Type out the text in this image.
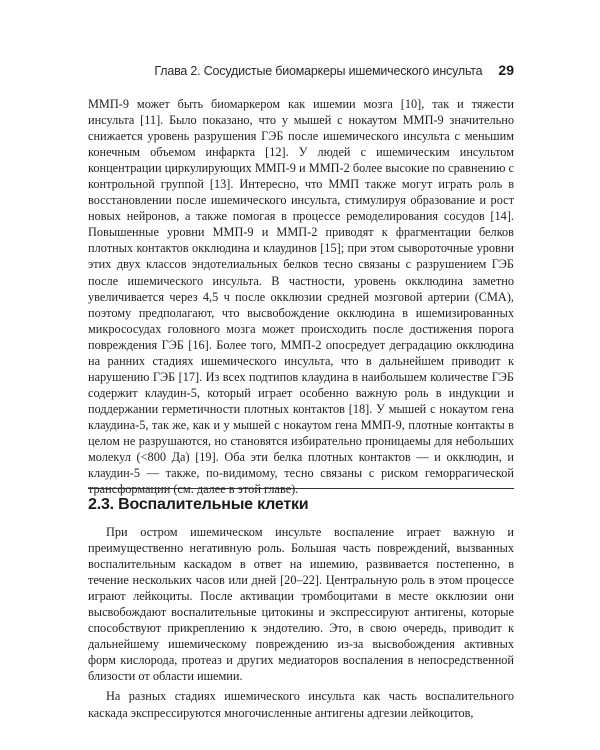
Глава 2. Сосудистые биомаркеры ишемического инсульта 29

ММП-9 может быть биомаркером как ишемии мозга [10], так и тяжести инсульта [11]. Было показано, что у мышей с нокаутом ММП-9 значительно снижается уровень разрушения ГЭБ после ишемического инсульта с меньшим конечным объемом инфаркта [12]. У людей с ишемическим инсультом концентрации циркулирующих ММП-9 и ММП-2 более высокие по сравнению с контрольной группой [13]. Интересно, что ММП также могут играть роль в восстановлении после ишемического инсульта, стимулируя образование и рост новых нейронов, а также помогая в процессе ремоделирования сосудов [14]. Повышенные уровни ММП-9 и ММП-2 приводят к фрагментации белков плотных контактов окклюдина и клаудинов [15]; при этом сывороточные уровни этих двух классов эндотелиальных белков тесно связаны с разрушением ГЭБ после ишемического инсульта. В частности, уровень окклюдина заметно увеличивается через 4,5 ч после окклюзии средней мозговой артерии (СМА), поэтому предполагают, что высвобождение окклюдина в ишемизированных микрососудах головного мозга может происходить после достижения порога повреждения ГЭБ [16]. Более того, ММП-2 опосредует деградацию окклюдина на ранних стадиях ишемического инсульта, что в дальнейшем приводит к нарушению ГЭБ [17]. Из всех подтипов клаудина в наибольшем количестве ГЭБ содержит клаудин-5, который играет особенно важную роль в индукции и поддержании герметичности плотных контактов [18]. У мышей с нокаутом гена клаудина-5, так же, как и у мышей с нокаутом гена ММП-9, плотные контакты в целом не разрушаются, но становятся избирательно проницаемы для небольших молекул (<800 Да) [19]. Оба эти белка плотных контактов — и окклюдин, и клаудин-5 — также, по-видимому, тесно связаны с риском геморрагической трансформации (см. далее в этой главе).

2.3. Воспалительные клетки

При остром ишемическом инсульте воспаление играет важную и преимущественно негативную роль. Большая часть повреждений, вызванных воспалительным каскадом в ответ на ишемию, развивается постепенно, в течение нескольких часов или дней [20–22]. Центральную роль в этом процессе играют лейкоциты. После активации тромбоцитами в месте окклюзии они высвобождают воспалительные цитокины и экспрессируют антигены, которые способствуют прикреплению к эндотелию. Это, в свою очередь, приводит к дальнейшему ишемическому повреждению из-за высвобождения активных форм кислорода, протеаз и других медиаторов воспаления в непосредственной близости от области ишемии.

На разных стадиях ишемического инсульта как часть воспалительного каскада экспрессируются многочисленные антигены адгезии лейкоцитов,
